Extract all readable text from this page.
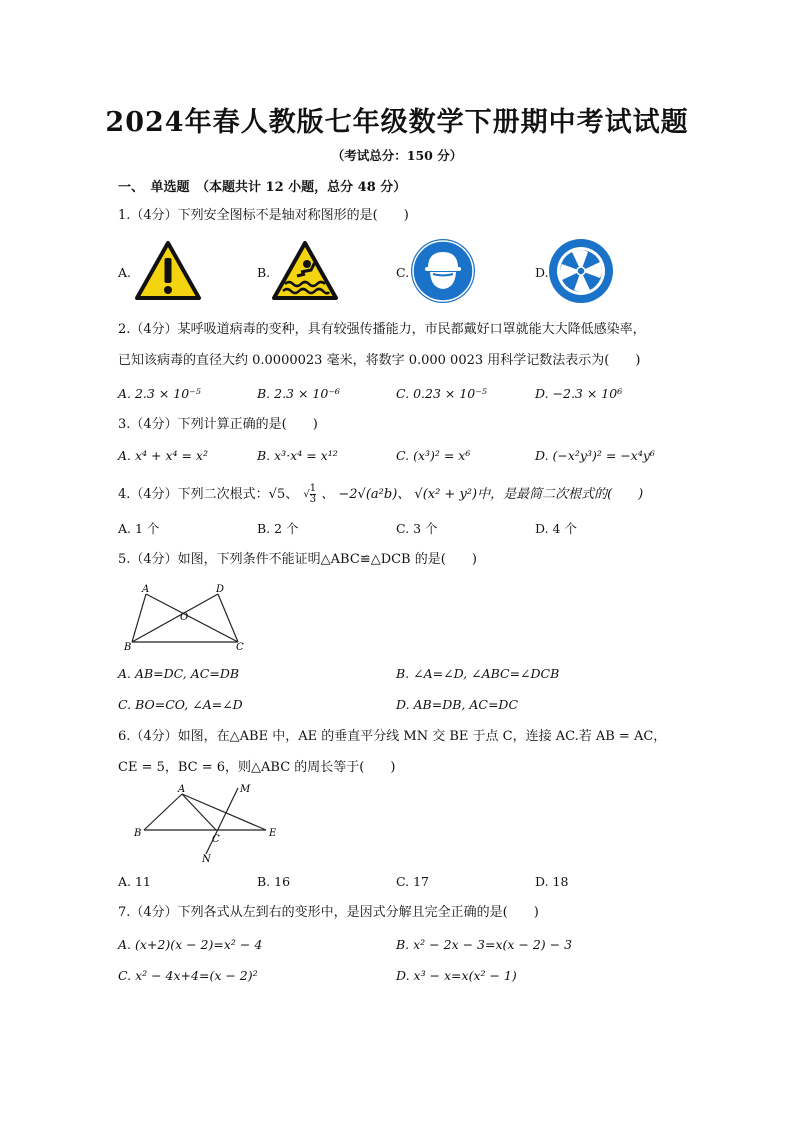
2024年春人教版七年级数学下册期中考试试题
（考试总分：150 分）
一、　单选题　（本题共计 12 小题，总分 48 分）
1.（4分）下列安全图标不是轴对称图形的是(　　)
A.	B.	C.	D.
2.（4分）某呼吸道病毒的变种，具有较强传播能力，市民都戴好口罩就能大大降低感染率，
已知该病毒的直径大约 0.0000023 毫米，将数字 0.000 0023 用科学记数法表示为(　　)
A. 2.3 × 10⁻⁵	B. 2.3 × 10⁻⁶	C. 0.23 × 10⁻⁵	D. −2.3 × 10⁶
3.（4分）下列计算正确的是(　　)
A. x⁴ + x⁴ = x²	B. x³·x⁴ = x¹²	C. (x³)² = x⁶	D. (−x²y³)² = −x⁴y⁶
4.（4分）下列二次根式：√5、 √ $\frac{1}{3}$ 、 −2√(a²b)、 √(x² + y²)中，是最简二次根式的(　　)
A. 1 个	B. 2 个	C. 3 个	D. 4 个
5.（4分）如图，下列条件不能证明△ABC≌△DCB 的是(　　)
A	D
O
B	C
A. AB=DC, AC=DB	B. ∠A=∠D, ∠ABC=∠DCB
C. BO=CO, ∠A=∠D	D. AB=DB, AC=DC
6.（4分）如图，在△ABE 中，AE 的垂直平分线 MN 交 BE 于点 C，连接 AC.若 AB = AC，
CE = 5，BC = 6，则△ABC 的周长等于(　　)
A	M
B
C
E
N
A. 11	B. 16	C. 17	D. 18
7.（4分）下列各式从左到右的变形中，是因式分解且完全正确的是(　　)
A. (x+2)(x − 2)=x² − 4	B. x² − 2x − 3=x(x − 2) − 3
C. x² − 4x+4=(x − 2)²	D. x³ − x=x(x² − 1)
